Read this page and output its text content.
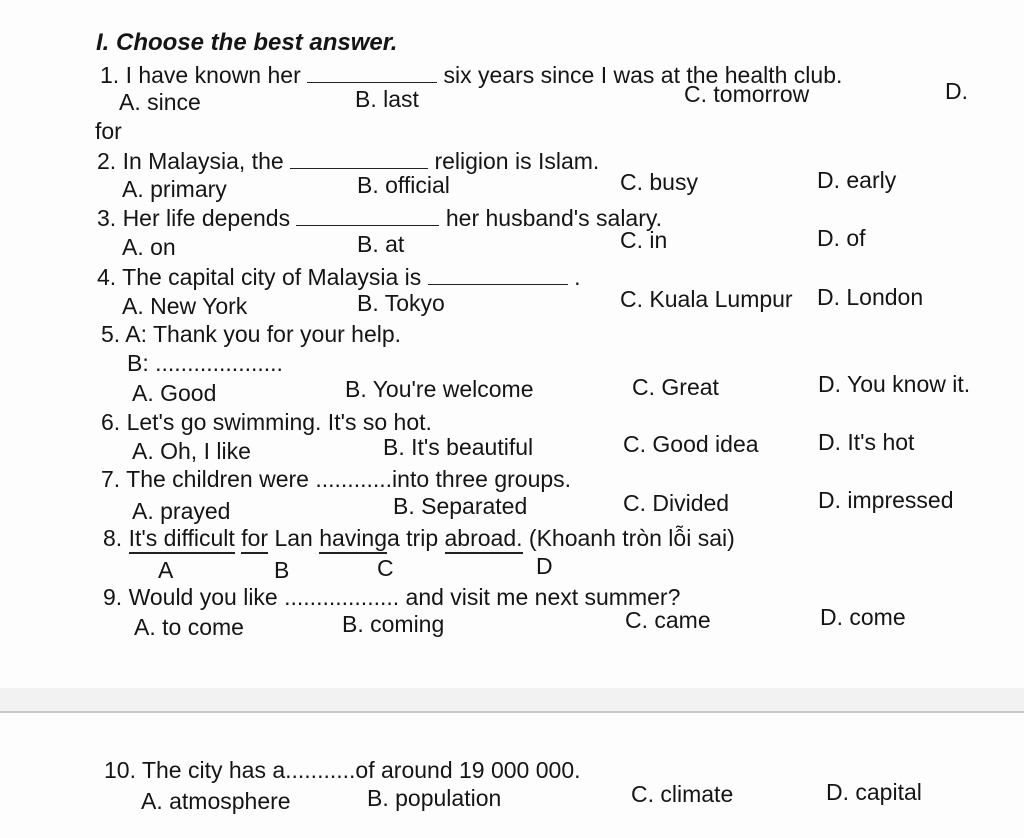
I. Choose the best answer.
1. I have known her	six years since I was at the health club.
A. since	B. last	C. tomorrow	D.
for
2. In Malaysia, the	religion is Islam.
A. primary	B. official	C. busy	D. early
3. Her life depends	her husband's salary.
A. on	B. at	C. in	D. of
4. The capital city of Malaysia is	.
A. New York	B. Tokyo	C. Kuala Lumpur D. London
5. A: Thank you for your help.
B: ....................
A. Good	B. You're welcome	C. Great	D. You know it.
6. Let's go swimming. It's so hot.
A. Oh, I like	B. It's beautiful	C. Good idea	D. It's hot
7. The children were ............into three groups.
A. prayed	B. Separated	C. Divided	D. impressed
8. It's difficult for Lan havinga trip abroad. (Khoanh tròn lỗi sai)
A	B	C	D
9. Would you like .................. and visit me next summer?
A. to come	B. coming	C. came	D. come
10. The city has a...........of around 19 000 000.
A. atmosphere	B. population	C. climate	D. capital
